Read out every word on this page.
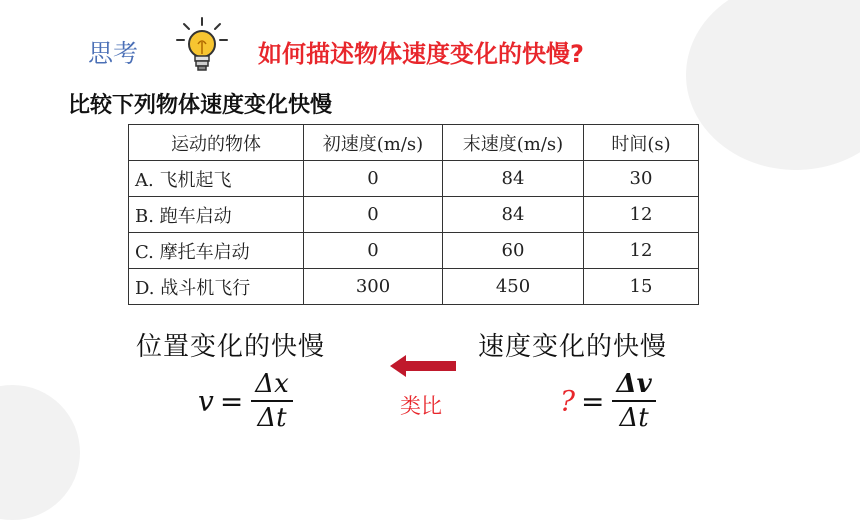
思考	如何描述物体速度变化的快慢?
比较下列物体速度变化快慢
运动的物体	初速度(m/s)	末速度(m/s)	时间(s)
A. 飞机起飞	0	84	30
B. 跑车启动	0	84	12
C. 摩托车启动	0	60	12
D. 战斗机飞行	300	450	15
位置变化的快慢	速度变化的快慢
类比
$v = \frac{\Delta x}{\Delta t}$	? = $\frac{\Delta v}{\Delta t}$
